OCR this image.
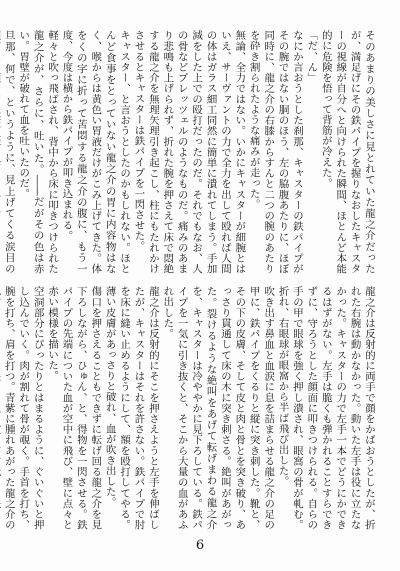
そのあまりの美しさに見とれていた龍之介だったが、満足げにその鉄パイプを握りなおしたキャスターの視線が自分へと向けられた瞬間、ほとんど本能的に危険を悟って背筋が冷えた。

「だ、ん」

なにか言おうとした刹那、キャスターの鉄パイプがその腕ではない胴のほう、左の脇腹あたりに、ほぼ同時に、龍之介の右膝からすんと二つの腕のあたりを砕き割られたような痛みが走った。

無論、全力ではない。いかにキャスターが細腕とはいえ、サーヴァントの力で全力を出して殴れば人間の体はガラス細工同然に簡単に潰れてしまう。手加減をした上での殴打だったのだ。それでもなお、人の骨などプレッツェルのようなものだ。痛みのあまり悲鳴も上げられず、折れた腕を押さえて床で悶絶する龍之介を無理矢理引き起こし、柱にもたれかけさせるとキャスターは鉄パイプを一閃させた。

キャスター、と言おうとしたのかもしれない。ほとんど食事をとっていない龍之介の胃に内容物はなく、喉からは黄色い胃液だけがこみ上げてきた。体をくの字に折って苦悶する龍之介の腹に、もう一度、今度は横から鉄パイプが叩き込まれる。

軽々と吹っ飛ばされ、背中から床に叩きつけられた龍之介が、さらに、吐いた。――だがその色は赤い。胃壁が破れて血を吐いたのだ。

旦那、何で、というように、見上げてくる涙目の

龍之介は反射的に両手で顔をかばおうとしたが、折れた右腕は動かなかった。動いた左手は役に立たなかった。キャスターの力で左手一本でどうにかできるはずがない。左手は脆くも弾かれることすらできずに、守ろうとした顔面に叩きつけられる。自らの手の甲で眼球を強く押し潰され、眼窩の骨が軋む。折れ、右眼球が眼窩から半ば飛び出した。

吹き出す鼻血と血涙に息を詰まらせる龍之介の足の甲に、鉄パイプをくるりと縦に突き刺した。靴と、その下の皮膚、そして皮と肉と骨とを突き破り、あっさり貫通して床の木に突き刺さる。絶叫があがった。裂けるような絶叫をあげて転げまわる龍之介を、キャスターは冷ややかに見下ろしている。鉄パイプを一気に引き抜くと、そこから大量の血があふれ出した。

龍之介は反射的にそこを押さえようと左手を伸ばしたが、キャスターはそれを許さない。鉄パイプで肘を床に縫い止めるようにして、額を殴打してやる。薄い皮膚があっさりと破れ、血が吹き出した。

傷口を押さえることもできずに転げ回る龍之介を見下ろしながら、ひゅん、と、得物を一閃させる。鉄パイプの先端についた血が空中に飛び、壁に点々と赤い模様を描いた。

空洞部分にぴったりとはまるように、ぐいぐいと押し込んでいく。肉が割れて骨が覗く。手首を打ち、腕を打ち、肩を打つ。青紫に腫れあがった龍之介の

6
